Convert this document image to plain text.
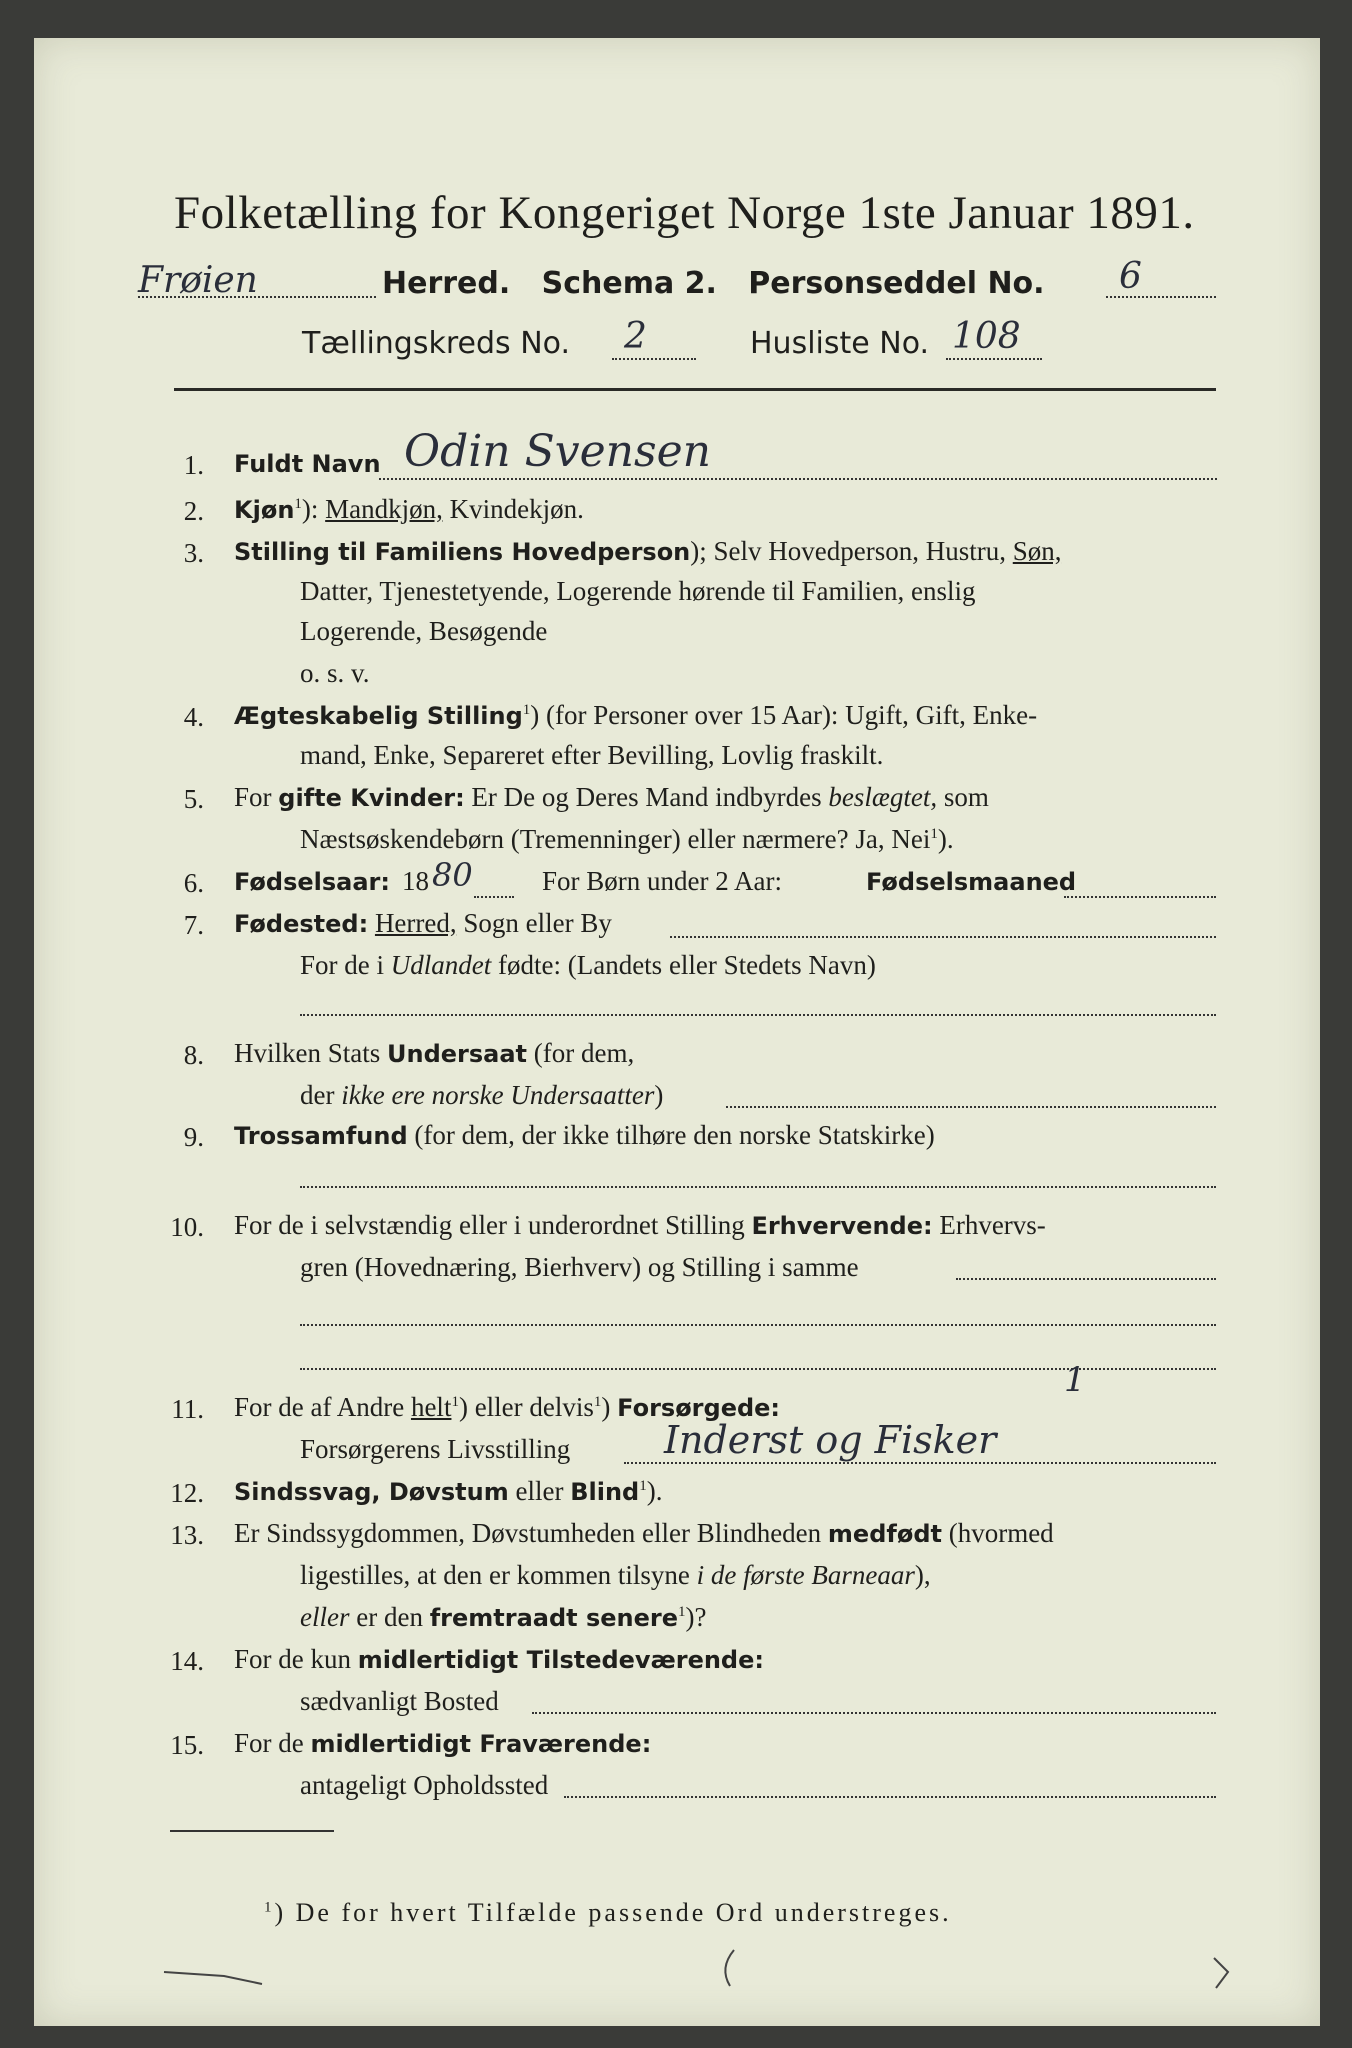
Folketælling for Kongeriget Norge 1ste Januar 1891.
Frøien	Herred. Schema 2. Personseddel No. 6
Tællingskreds No. 2	Husliste No. 108
1. Fuldt Navn Odin Svensen
2. Kjøn$^1$): Mandkjøn, Kvindekjøn.
3. Stilling til Familiens Hovedperson); Selv Hovedperson, Hustru, Søn,
Datter, Tjenestetyende, Logerende hørende til Familien, enslig
Logerende, Besøgende
o. s. v.
4. Ægteskabelig Stilling$^1$) (for Personer over 15 Aar): Ugift, Gift, Enke-
mand, Enke, Separeret efter Bevilling, Lovlig fraskilt.
5. For gifte Kvinder: Er De og Deres Mand indbyrdes beslægtet, som
Næstsøskendebørn (Tremenninger) eller nærmere? Ja, Nei$^1$).
6. Fødselsaar: 18 80	For Børn under 2 Aar:	Fødselsmaaned
7. Fødested: Herred, Sogn eller By
For de i Udlandet fødte: (Landets eller Stedets Navn)
8. Hvilken Stats Undersaat (for dem,
der ikke ere norske Undersaatter)
9. Trossamfund (for dem, der ikke tilhøre den norske Statskirke)
10. For de i selvstændig eller i underordnet Stilling Erhvervende: Erhvervs-
gren (Hovednæring, Bierhverv) og Stilling i samme
11. For de af Andre helt$^1$) eller delvis$^1$) Forsørgede:
1
Forsørgerens Livsstilling Inderst og Fisker
12. Sindssvag, Døvstum eller Blind$^1$).
13. Er Sindssygdommen, Døvstumheden eller Blindheden medfødt (hvormed
ligestilles, at den er kommen tilsyne i de første Barneaar),
eller er den fremtraadt senere$^1$)?
14. For de kun midlertidigt Tilstedeværende:
sædvanligt Bosted
15. For de midlertidigt Fraværende:
antageligt Opholdssted
$^1$) De for hvert Tilfælde passende Ord understreges.
